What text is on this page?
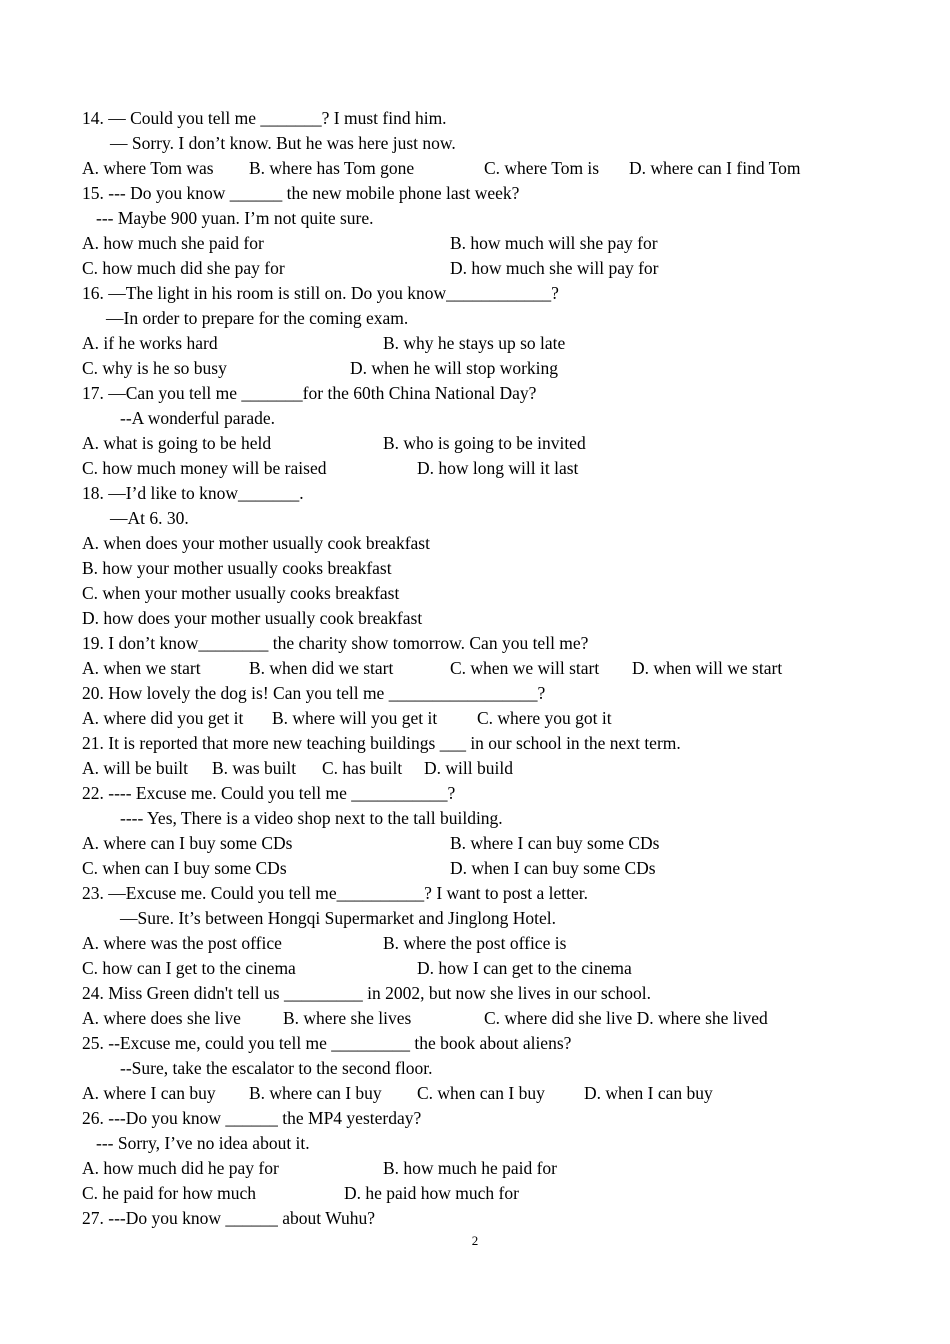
14. — Could you tell me _______? I must find him.
— Sorry. I don’t know. But he was here just now.
A. where Tom was B. where has Tom gone	C. where Tom is D. where can I find Tom
15. --- Do you know ______ the new mobile phone last week?
--- Maybe 900 yuan. I’m not quite sure.
A. how much she paid for	B. how much will she pay for
C. how much did she pay for	D. how much she will pay for
16. —The light in his room is still on. Do you know____________?
—In order to prepare for the coming exam.
A. if he works hard	B. why he stays up so late
C. why is he so busy	D. when he will stop working
17. —Can you tell me _______for the 60th China National Day?
--A wonderful parade.
A. what is going to be held	B. who is going to be invited
C. how much money will be raised	D. how long will it last
18. —I’d like to know_______.
—At 6. 30.
A. when does your mother usually cook breakfast
B. how your mother usually cooks breakfast
C. when your mother usually cooks breakfast
D. how does your mother usually cook breakfast
19. I don’t know________ the charity show tomorrow. Can you tell me?
A. when we start	B. when did we start	C. when we will start D. when will we start
20. How lovely the dog is! Can you tell me _________________?
A. where did you get it B. where will you get it C. where you got it
21. It is reported that more new teaching buildings ___ in our school in the next term.
A. will be built B. was built C. has built D. will build
22. ---- Excuse me. Could you tell me ___________?
---- Yes, There is a video shop next to the tall building.
A. where can I buy some CDs	B. where I can buy some CDs
C. when can I buy some CDs	D. when I can buy some CDs
23. —Excuse me. Could you tell me__________? I want to post a letter.
—Sure. It’s between Hongqi Supermarket and Jinglong Hotel.
A. where was the post office	B. where the post office is
C. how can I get to the cinema	D. how I can get to the cinema
24. Miss Green didn't tell us _________ in 2002, but now she lives in our school.
A. where does she live B. where she lives	C. where did she live D. where she lived
25. --Excuse me, could you tell me _________ the book about aliens?
--Sure, take the escalator to the second floor.
A. where I can buy B. where can I buy C. when can I buy D. when I can buy
26. ---Do you know ______ the MP4 yesterday?
--- Sorry, I’ve no idea about it.
A. how much did he pay for	B. how much he paid for
C. he paid for how much	D. he paid how much for
27. ---Do you know ______ about Wuhu?
2
